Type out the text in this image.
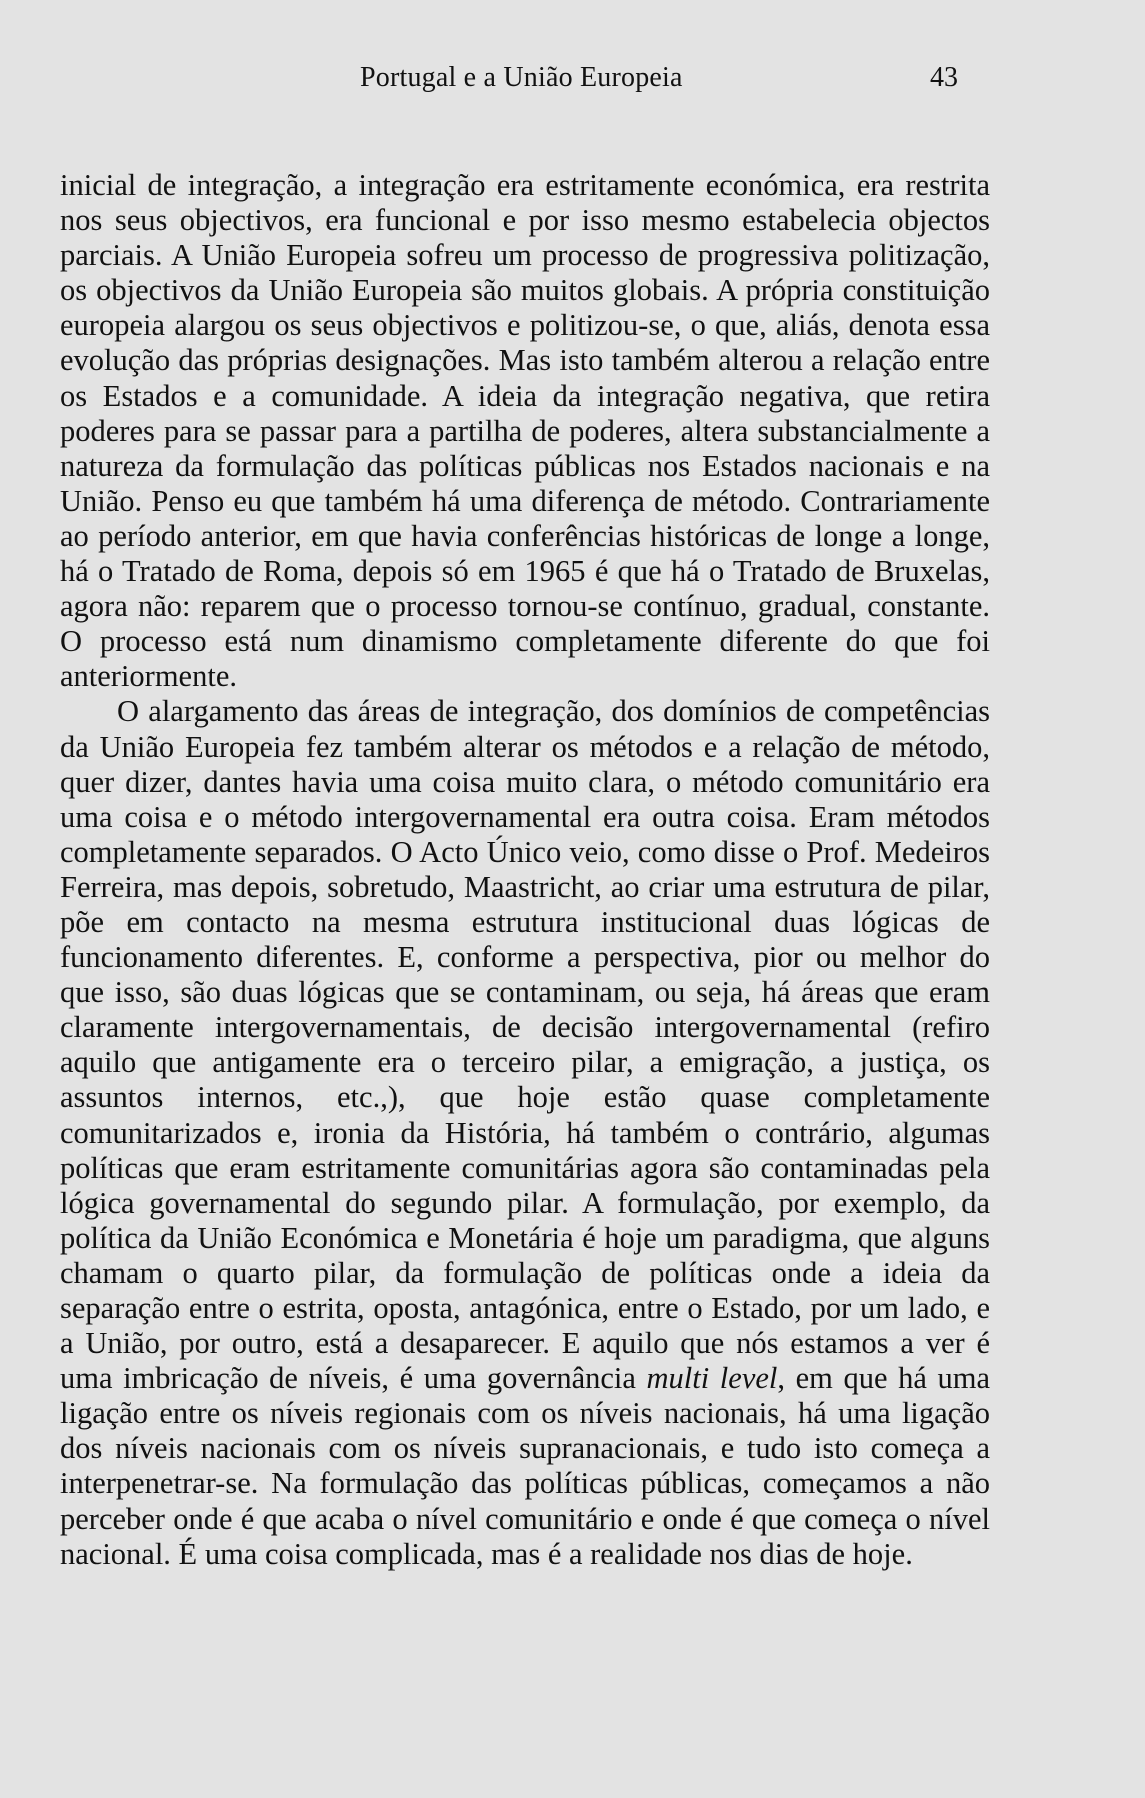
Portugal e a União Europeia	43

inicial de integração, a integração era estritamente económica, era restrita nos seus objectivos, era funcional e por isso mesmo estabelecia objectos parciais. A União Europeia sofreu um processo de progressiva politização, os objectivos da União Europeia são muitos globais. A própria constituição europeia alargou os seus objectivos e politizou-se, o que, aliás, denota essa evolução das próprias designações. Mas isto também alterou a relação entre os Estados e a comunidade. A ideia da integração negativa, que retira poderes para se passar para a partilha de poderes, altera substancialmente a natureza da formulação das políticas públicas nos Estados nacionais e na União. Penso eu que também há uma diferença de método. Contrariamente ao período anterior, em que havia conferências históricas de longe a longe, há o Tratado de Roma, depois só em 1965 é que há o Tratado de Bruxelas, agora não: reparem que o processo tornou-se contínuo, gradual, constante. O processo está num dinamismo completamente diferente do que foi anteriormente.

O alargamento das áreas de integração, dos domínios de competências da União Europeia fez também alterar os métodos e a relação de método, quer dizer, dantes havia uma coisa muito clara, o método comunitário era uma coisa e o método intergovernamental era outra coisa. Eram métodos completamente separados. O Acto Único veio, como disse o Prof. Medeiros Ferreira, mas depois, sobretudo, Maastricht, ao criar uma estrutura de pilar, põe em contacto na mesma estrutura institucional duas lógicas de funcionamento diferentes. E, conforme a perspectiva, pior ou melhor do que isso, são duas lógicas que se contaminam, ou seja, há áreas que eram claramente intergovernamentais, de decisão intergovernamental (refiro aquilo que antigamente era o terceiro pilar, a emigração, a justiça, os assuntos internos, etc.,), que hoje estão quase completamente comunitarizados e, ironia da História, há também o contrário, algumas políticas que eram estritamente comunitárias agora são contaminadas pela lógica governamental do segundo pilar. A formulação, por exemplo, da política da União Económica e Monetária é hoje um paradigma, que alguns chamam o quarto pilar, da formulação de políticas onde a ideia da separação entre o estrita, oposta, antagónica, entre o Estado, por um lado, e a União, por outro, está a desaparecer. E aquilo que nós estamos a ver é uma imbricação de níveis, é uma governância multi level, em que há uma ligação entre os níveis regionais com os níveis nacionais, há uma ligação dos níveis nacionais com os níveis supranacionais, e tudo isto começa a interpenetrar-se. Na formulação das políticas públicas, começamos a não perceber onde é que acaba o nível comunitário e onde é que começa o nível nacional. É uma coisa complicada, mas é a realidade nos dias de hoje.
